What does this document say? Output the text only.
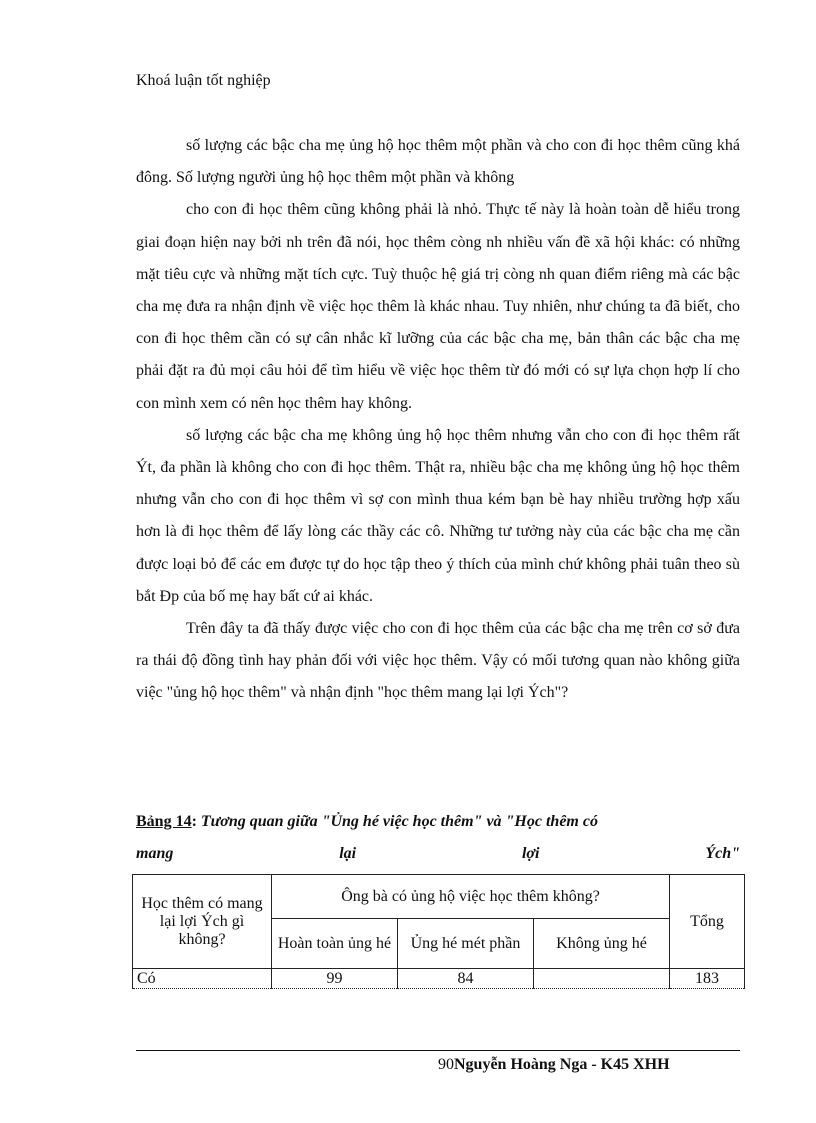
Khoá luận tốt nghiệp

số lượng các bậc cha mẹ ủng hộ học thêm một phần và cho con đi học thêm cũng khá đông. Số lượng người ủng hộ học thêm một phần và không

cho con đi học thêm cũng không phải là nhỏ. Thực tế này là hoàn toàn dễ hiểu trong giai đoạn hiện nay bởi nh trên đã nói, học thêm còng nh nhiều vấn đề xã hội khác: có những mặt tiêu cực và những mặt tích cực. Tuỳ thuộc hệ giá trị còng nh quan điểm riêng mà các bậc cha mẹ đưa ra nhận định về việc học thêm là khác nhau. Tuy nhiên, như chúng ta đã biết, cho con đi học thêm cần có sự cân nhắc kĩ lưỡng của các bậc cha mẹ, bản thân các bậc cha mẹ phải đặt ra đủ mọi câu hỏi để tìm hiểu về việc học thêm từ đó mới có sự lựa chọn hợp lí cho con mình xem có nên học thêm hay không.

số lượng các bậc cha mẹ không ủng hộ học thêm nhưng vẫn cho con đi học thêm rất Ýt, đa phần là không cho con đi học thêm. Thật ra, nhiều bậc cha mẹ không ủng hộ học thêm nhưng vẫn cho con đi học thêm vì sợ con mình thua kém bạn bè hay nhiều trường hợp xấu hơn là đi học thêm để lấy lòng các thầy các cô. Những tư tưởng này của các bậc cha mẹ cần được loại bỏ để các em được tự do học tập theo ý thích của mình chứ không phải tuân theo sù bắt Ðp của bố mẹ hay bất cứ ai khác.

Trên đây ta đã thấy được việc cho con đi học thêm của các bậc cha mẹ trên cơ sở đưa ra thái độ đồng tình hay phản đối với việc học thêm. Vậy có mối tương quan nào không giữa việc "ủng hộ học thêm" và nhận định "học thêm mang lại lợi Ých"?

Bảng 14: Tương quan giữa "Ủng hé việc học thêm" và "Học thêm có
mang	lại	lợi	Ých"
Học thêm có mang lại lợi Ých gì không?	Ông bà có ủng hộ việc học thêm không?			Tổng
	Hoàn toàn ủng hé	Ủng hé mét phần	Không ủng hé	
Có	99	84		183
90Nguyễn Hoàng Nga - K45 XHH
